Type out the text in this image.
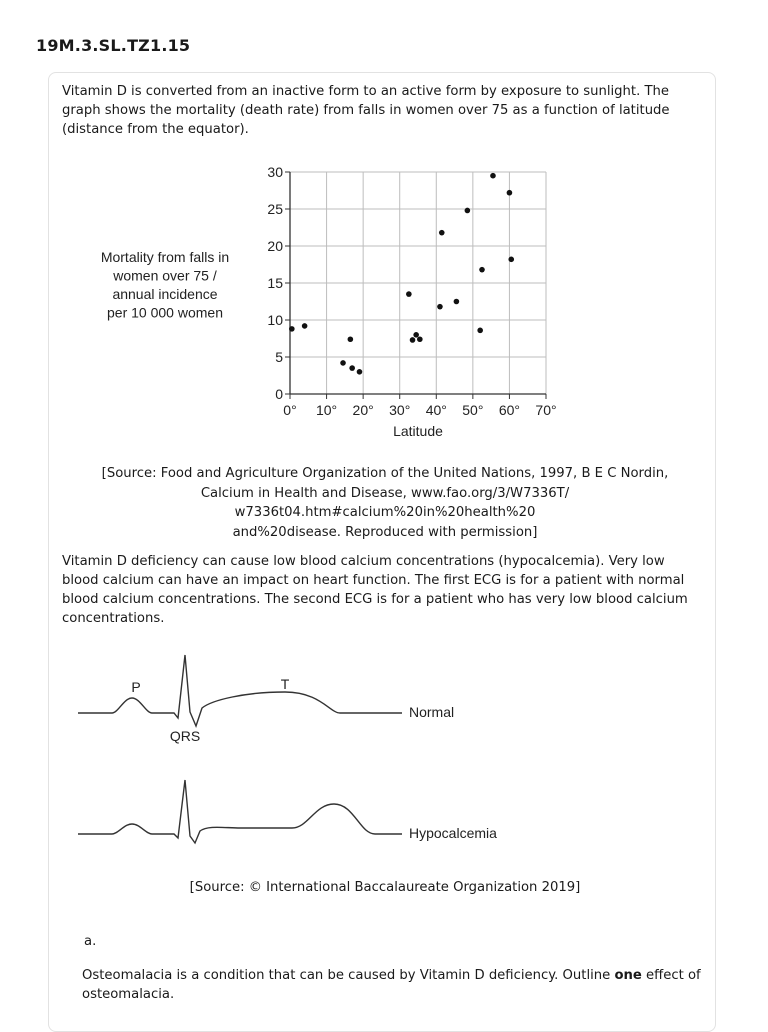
19M.3.SL.TZ1.15
Vitamin D is converted from an inactive form to an active form by exposure to sunlight. The graph shows the mortality (death rate) from falls in women over 75 as a function of latitude (distance from the equator).
0° 10° 20° 30° 40° 50° 60° 70°
0
5
10
15
20
25
30
Latitude
Mortality from falls in
women over 75 /
annual incidence
per 10 000 women
[Source: Food and Agriculture Organization of the United Nations, 1997, B E C Nordin,
Calcium in Health and Disease, www.fao.org/3/W7336T/
w7336t04.htm#calcium%20in%20health%20
and%20disease. Reproduced with permission]
Vitamin D deficiency can cause low blood calcium concentrations (hypocalcemia). Very low blood calcium can have an impact on heart function. The first ECG is for a patient with normal blood calcium concentrations. The second ECG is for a patient who has very low blood calcium concentrations.
P	T
QRS
Normal
Hypocalcemia
[Source: © International Baccalaureate Organization 2019]
a.
Osteomalacia is a condition that can be caused by Vitamin D deficiency. Outline one effect of osteomalacia.
